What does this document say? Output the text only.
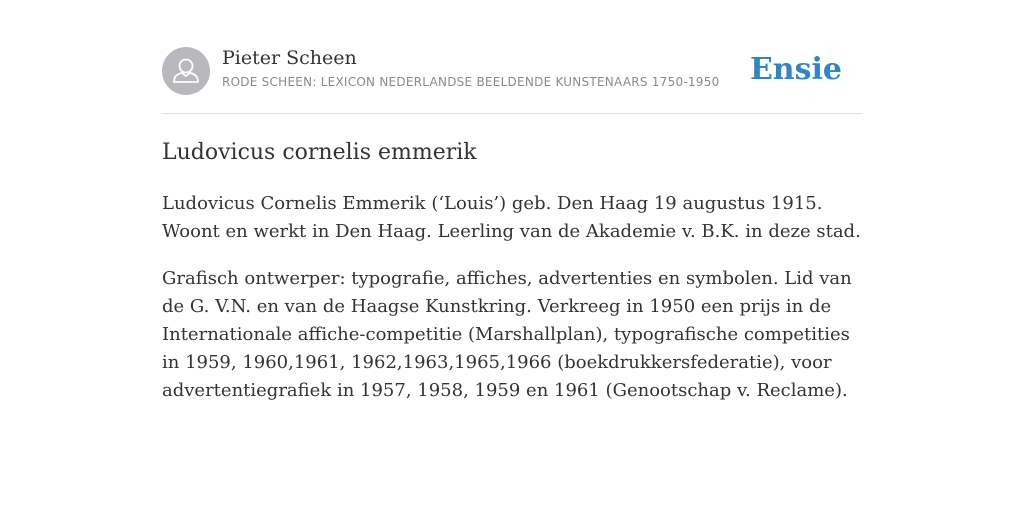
Pieter Scheen
RODE SCHEEN: LEXICON NEDERLANDSE BEELDENDE KUNSTENAARS 1750-1950 Ensie
Ludovicus cornelis emmerik

Ludovicus Cornelis Emmerik (‘Louis’) geb. Den Haag 19 augustus 1915. Woont en werkt in Den Haag. Leerling van de Akademie v. B.K. in deze stad.

Grafisch ontwerper: typografie, affiches, advertenties en symbolen. Lid van de G. V.N. en van de Haagse Kunstkring. Verkreeg in 1950 een prijs in de Internationale affiche-competitie (Marshallplan), typografische competities in 1959, 1960,1961, 1962,1963,1965,1966 (boekdrukkersfederatie), voor advertentiegrafiek in 1957, 1958, 1959 en 1961 (Genootschap v. Reclame).
